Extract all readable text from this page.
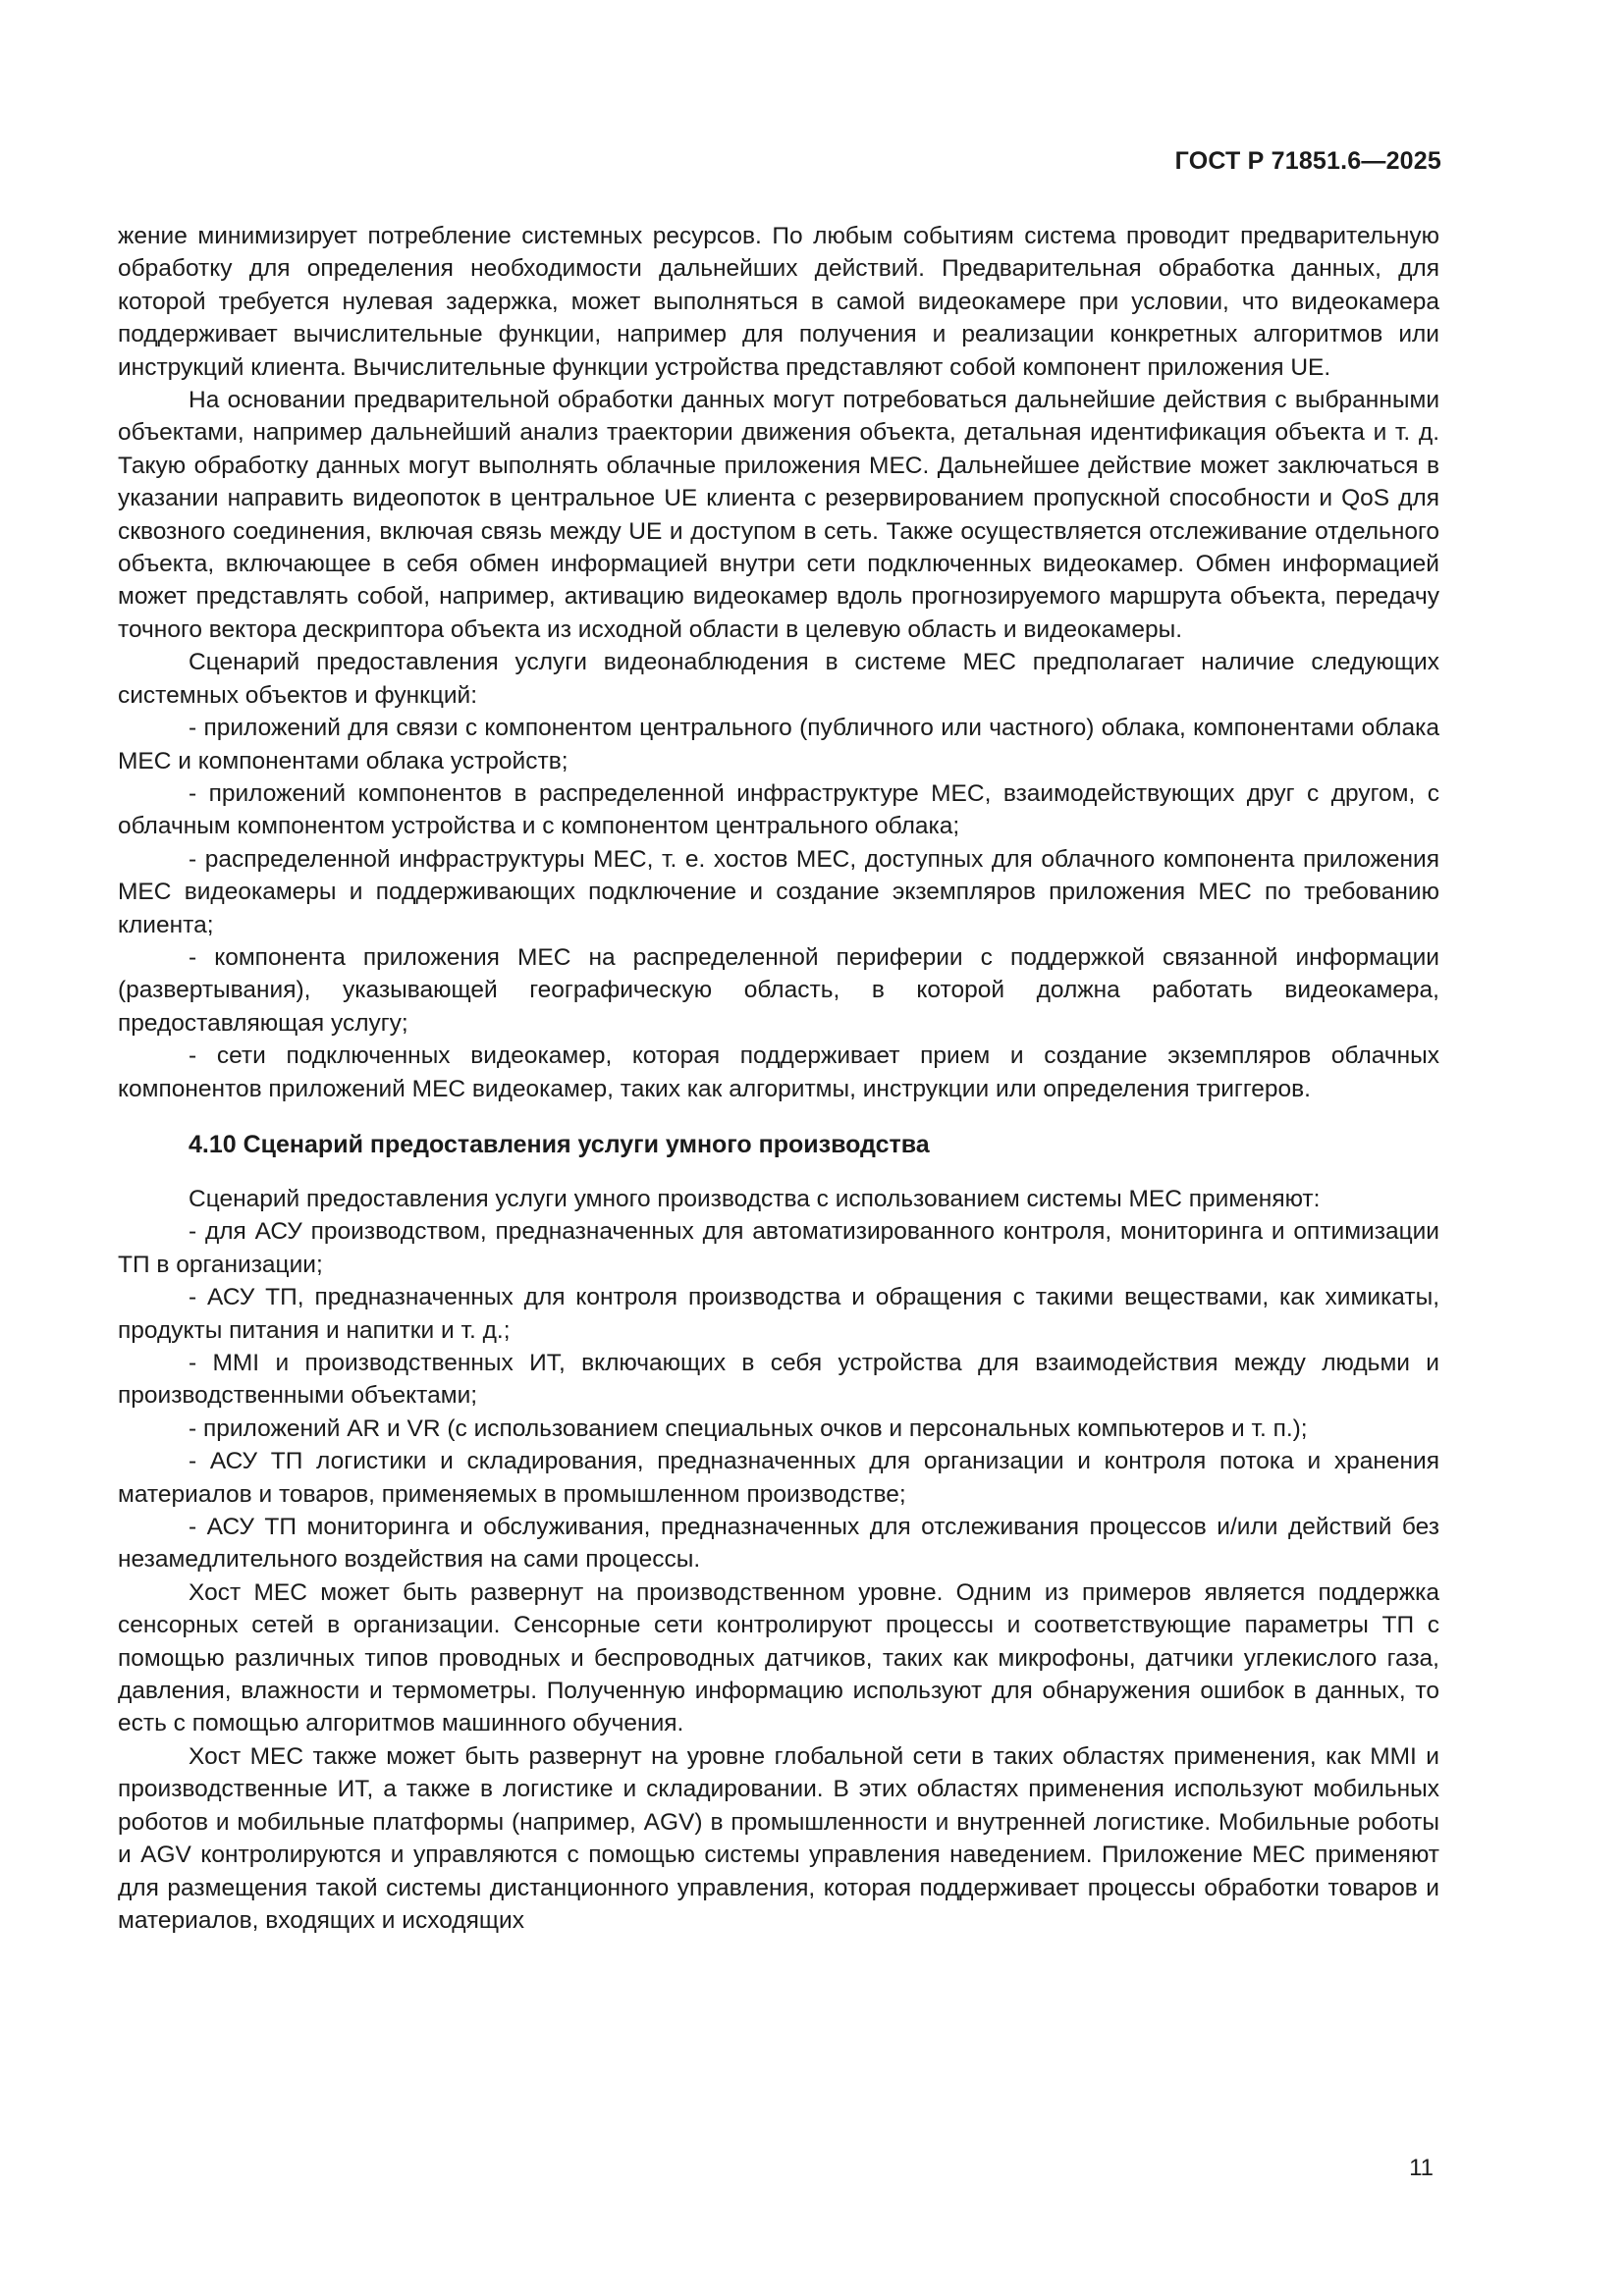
ГОСТ Р 71851.6—2025

жение минимизирует потребление системных ресурсов. По любым событиям система проводит предварительную обработку для определения необходимости дальнейших действий. Предварительная обработка данных, для которой требуется нулевая задержка, может выполняться в самой видеокамере при условии, что видеокамера поддерживает вычислительные функции, например для получения и реализации конкретных алгоритмов или инструкций клиента. Вычислительные функции устройства представляют собой компонент приложения UE.

На основании предварительной обработки данных могут потребоваться дальнейшие действия с выбранными объектами, например дальнейший анализ траектории движения объекта, детальная идентификация объекта и т. д. Такую обработку данных могут выполнять облачные приложения МЕС. Дальнейшее действие может заключаться в указании направить видеопоток в центральное UE клиента с резервированием пропускной способности и QoS для сквозного соединения, включая связь между UE и доступом в сеть. Также осуществляется отслеживание отдельного объекта, включающее в себя обмен информацией внутри сети подключенных видеокамер. Обмен информацией может представлять собой, например, активацию видеокамер вдоль прогнозируемого маршрута объекта, передачу точного вектора дескриптора объекта из исходной области в целевую область и видеокамеры.

Сценарий предоставления услуги видеонаблюдения в системе МЕС предполагает наличие следующих системных объектов и функций:

- приложений для связи с компонентом центрального (публичного или частного) облака, компонентами облака МЕС и компонентами облака устройств;

- приложений компонентов в распределенной инфраструктуре МЕС, взаимодействующих друг с другом, с облачным компонентом устройства и с компонентом центрального облака;

- распределенной инфраструктуры МЕС, т. е. хостов МЕС, доступных для облачного компонента приложения МЕС видеокамеры и поддерживающих подключение и создание экземпляров приложения МЕС по требованию клиента;

- компонента приложения МЕС на распределенной периферии с поддержкой связанной информации (развертывания), указывающей географическую область, в которой должна работать видеокамера, предоставляющая услугу;

- сети подключенных видеокамер, которая поддерживает прием и создание экземпляров облачных компонентов приложений МЕС видеокамер, таких как алгоритмы, инструкции или определения триггеров.

4.10 Сценарий предоставления услуги умного производства

Сценарий предоставления услуги умного производства с использованием системы МЕС применяют:

- для АСУ производством, предназначенных для автоматизированного контроля, мониторинга и оптимизации ТП в организации;

- АСУ ТП, предназначенных для контроля производства и обращения с такими веществами, как химикаты, продукты питания и напитки и т. д.;

- MMI и производственных ИТ, включающих в себя устройства для взаимодействия между людьми и производственными объектами;

- приложений AR и VR (с использованием специальных очков и персональных компьютеров и т. п.);

- АСУ ТП логистики и складирования, предназначенных для организации и контроля потока и хранения материалов и товаров, применяемых в промышленном производстве;

- АСУ ТП мониторинга и обслуживания, предназначенных для отслеживания процессов и/или действий без незамедлительного воздействия на сами процессы.

Хост МЕС может быть развернут на производственном уровне. Одним из примеров является поддержка сенсорных сетей в организации. Сенсорные сети контролируют процессы и соответствующие параметры ТП с помощью различных типов проводных и беспроводных датчиков, таких как микрофоны, датчики углекислого газа, давления, влажности и термометры. Полученную информацию используют для обнаружения ошибок в данных, то есть с помощью алгоритмов машинного обучения.

Хост МЕС также может быть развернут на уровне глобальной сети в таких областях применения, как MMI и производственные ИТ, а также в логистике и складировании. В этих областях применения используют мобильных роботов и мобильные платформы (например, AGV) в промышленности и внутренней логистике. Мобильные роботы и AGV контролируются и управляются с помощью системы управления наведением. Приложение МЕС применяют для размещения такой системы дистанционного управления, которая поддерживает процессы обработки товаров и материалов, входящих и исходящих

11
